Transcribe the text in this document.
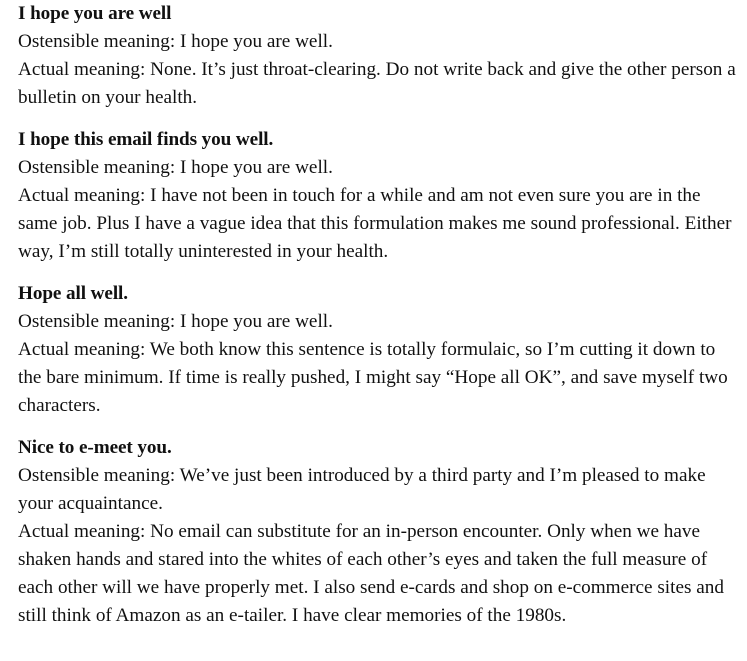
I hope you are well

Ostensible meaning: I hope you are well.

Actual meaning: None. It’s just throat-clearing. Do not write back and give the other person a bulletin on your health.

I hope this email finds you well.

Ostensible meaning: I hope you are well.

Actual meaning: I have not been in touch for a while and am not even sure you are in the same job. Plus I have a vague idea that this formulation makes me sound professional. Either way, I’m still totally uninterested in your health.

Hope all well.

Ostensible meaning: I hope you are well.

Actual meaning: We both know this sentence is totally formulaic, so I’m cutting it down to the bare minimum. If time is really pushed, I might say “Hope all OK”, and save myself two characters.

Nice to e-meet you.

Ostensible meaning: We’ve just been introduced by a third party and I’m pleased to make your acquaintance.

Actual meaning: No email can substitute for an in-person encounter. Only when we have shaken hands and stared into the whites of each other’s eyes and taken the full measure of each other will we have properly met. I also send e-cards and shop on e-commerce sites and still think of Amazon as an e-tailer. I have clear memories of the 1980s.
